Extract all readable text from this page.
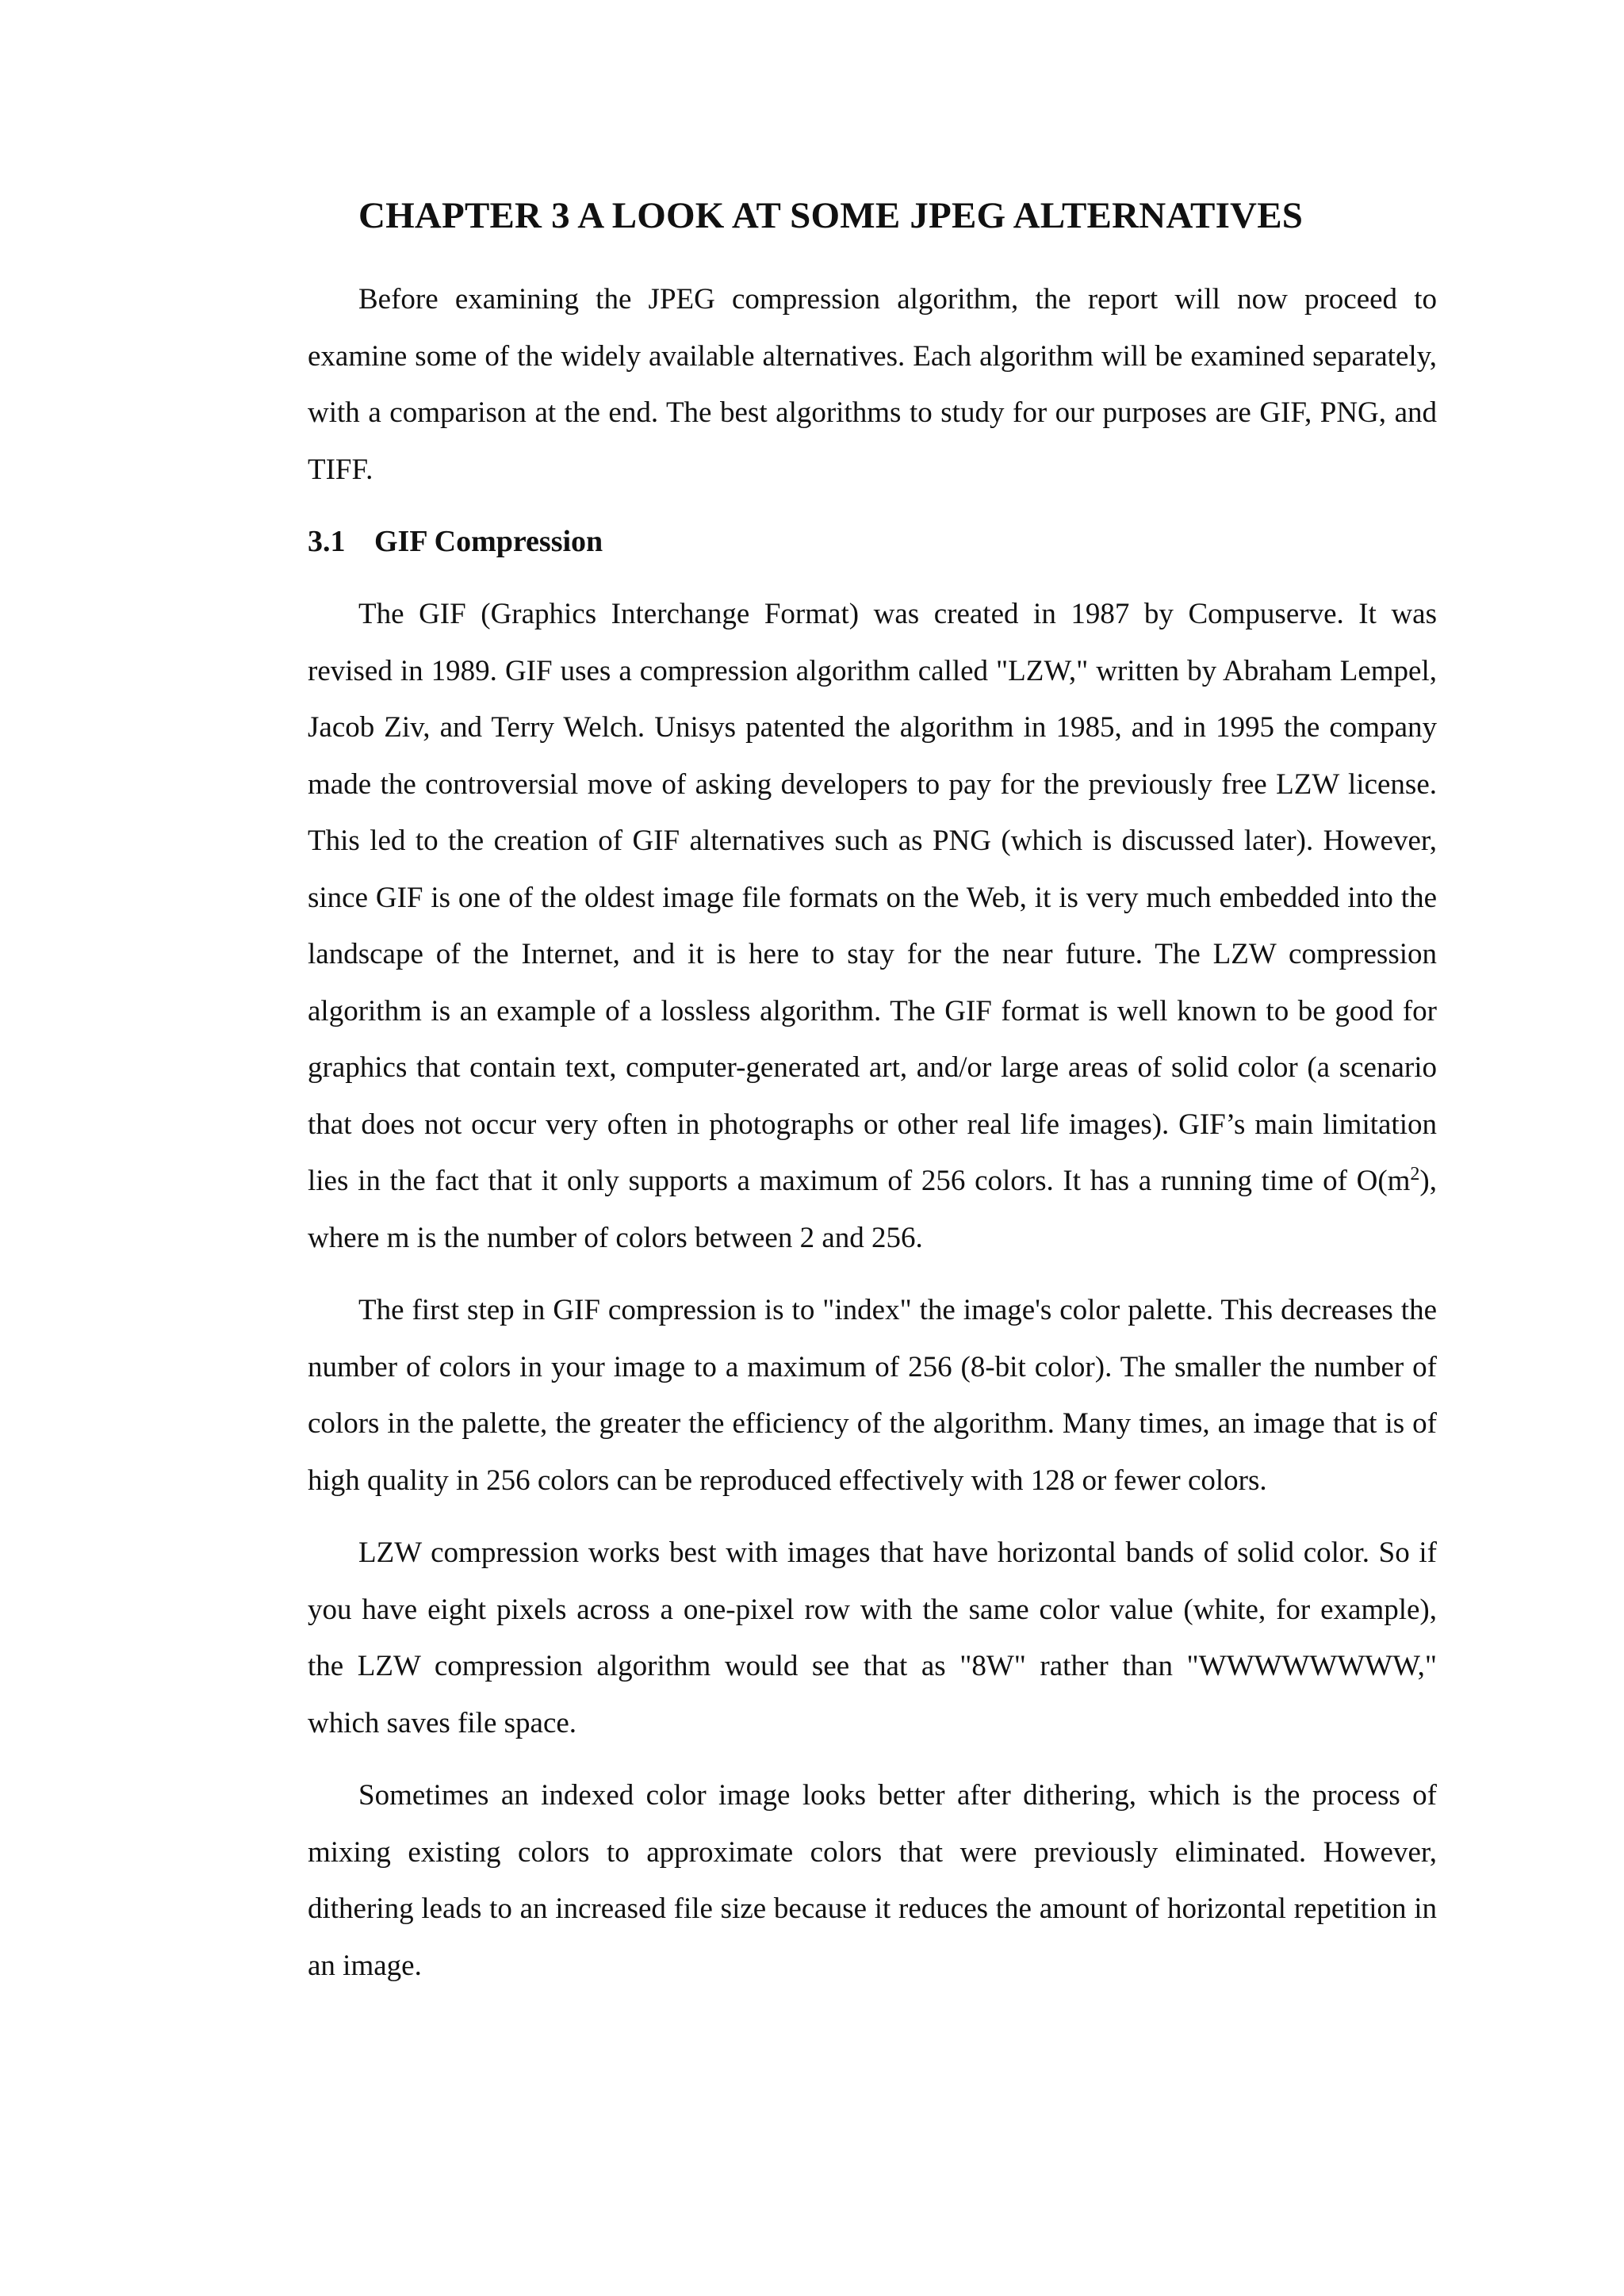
CHAPTER 3 A LOOK AT SOME JPEG ALTERNATIVES

Before examining the JPEG compression algorithm, the report will now proceed to examine some of the widely available alternatives. Each algorithm will be examined separately, with a comparison at the end. The best algorithms to study for our purposes are GIF, PNG, and TIFF.

3.1 GIF Compression

The GIF (Graphics Interchange Format) was created in 1987 by Compuserve. It was revised in 1989. GIF uses a compression algorithm called "LZW," written by Abraham Lempel, Jacob Ziv, and Terry Welch. Unisys patented the algorithm in 1985, and in 1995 the company made the controversial move of asking developers to pay for the previously free LZW license. This led to the creation of GIF alternatives such as PNG (which is discussed later). However, since GIF is one of the oldest image file formats on the Web, it is very much embedded into the landscape of the Internet, and it is here to stay for the near future. The LZW compression algorithm is an example of a lossless algorithm. The GIF format is well known to be good for graphics that contain text, computer-generated art, and/or large areas of solid color (a scenario that does not occur very often in photographs or other real life images). GIF’s main limitation lies in the fact that it only supports a maximum of 256 colors. It has a running time of $O(m^2)$, where m is the number of colors between 2 and 256.

The first step in GIF compression is to "index" the image's color palette. This decreases the number of colors in your image to a maximum of 256 (8-bit color). The smaller the number of colors in the palette, the greater the efficiency of the algorithm. Many times, an image that is of high quality in 256 colors can be reproduced effectively with 128 or fewer colors.

LZW compression works best with images that have horizontal bands of solid color. So if you have eight pixels across a one-pixel row with the same color value (white, for example), the LZW compression algorithm would see that as "8W" rather than "WWWWWWWW," which saves file space.

Sometimes an indexed color image looks better after dithering, which is the process of mixing existing colors to approximate colors that were previously eliminated. However, dithering leads to an increased file size because it reduces the amount of horizontal repetition in an image.
